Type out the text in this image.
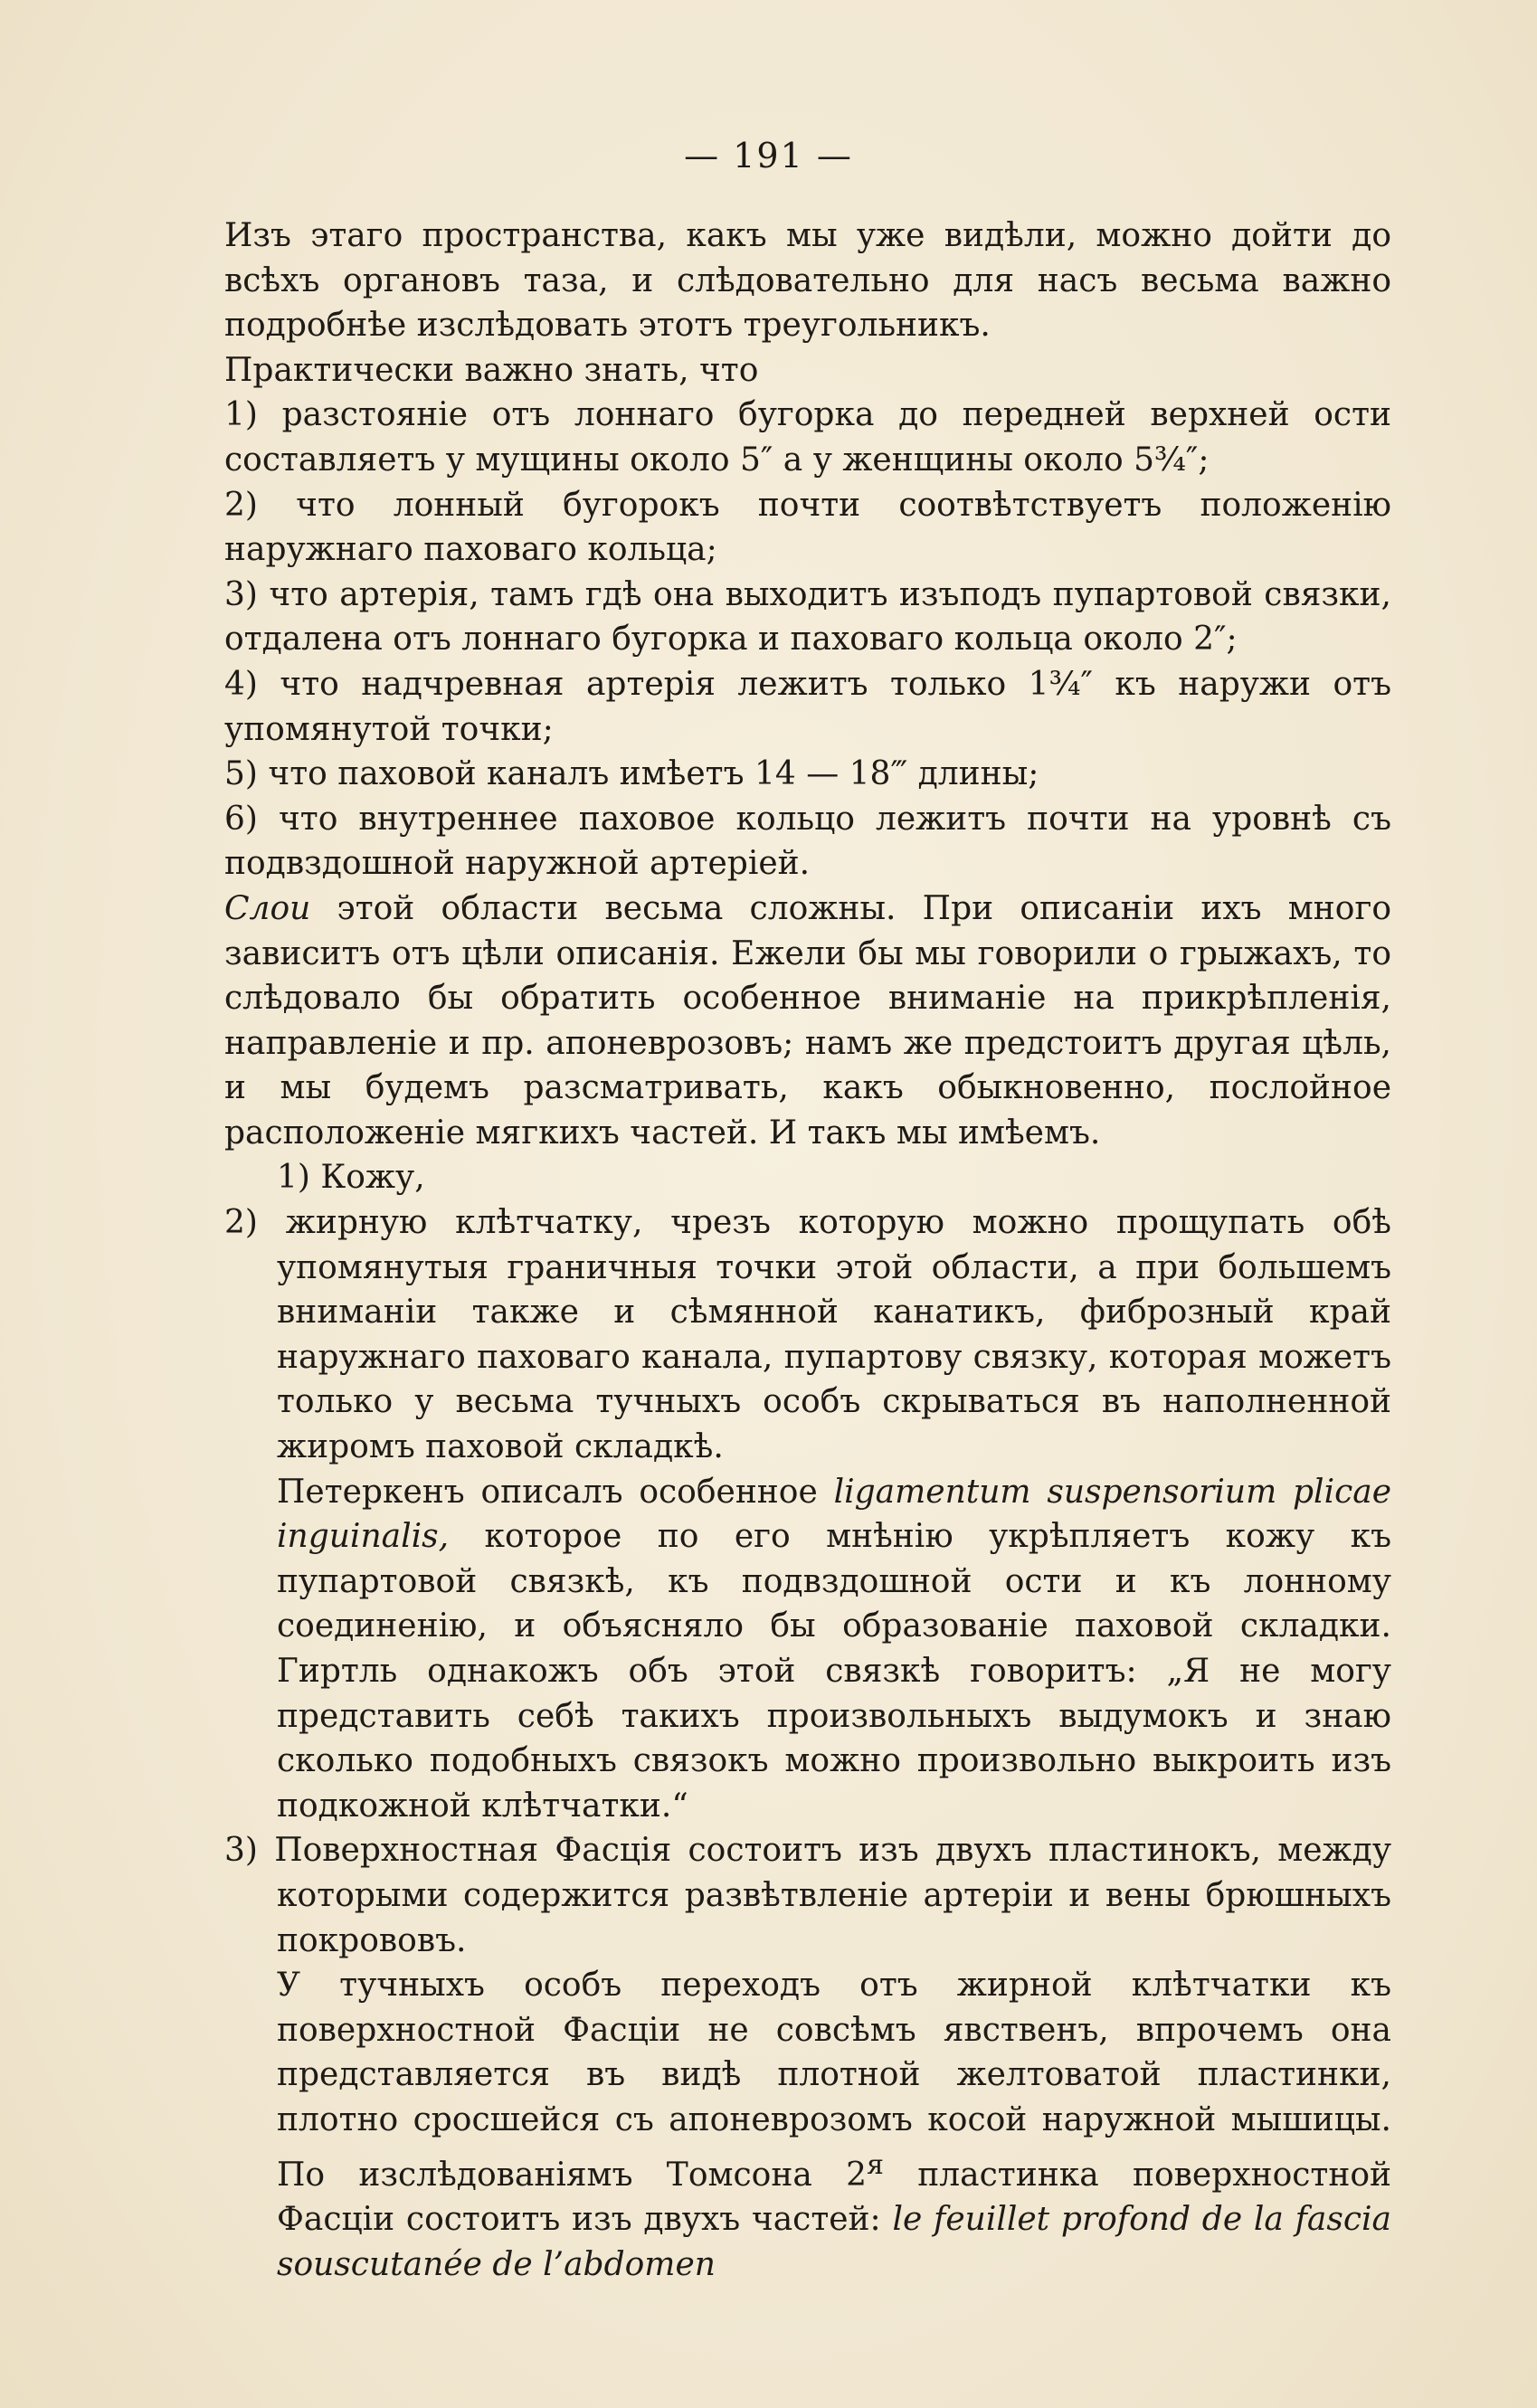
— 191 —

Изъ этаго пространства, какъ мы уже видѣли, можно дойти до всѣхъ органовъ таза, и слѣдовательно для насъ весьма важно подробнѣе изслѣдовать этотъ треугольникъ.

Практически важно знать, что

1) разстояніе отъ лоннаго бугорка до передней верхней ости составляетъ у мущины около 5″ а у женщины около 5¾″;

2) что лонный бугорокъ почти соотвѣтствуетъ положенію наружнаго паховаго кольца;

3) что артерія, тамъ гдѣ она выходитъ изъподъ пупартовой связки, отдалена отъ лоннаго бугорка и паховаго кольца около 2″;

4) что надчревная артерія лежитъ только 1¾″ къ наружи отъ упомянутой точки;

5) что паховой каналъ имѣетъ 14 — 18‴ длины;

6) что внутреннее паховое кольцо лежитъ почти на уровнѣ съ подвздошной наружной артеріей.

Слои этой области весьма сложны. При описаніи ихъ много зависитъ отъ цѣли описанія. Ежели бы мы говорили о грыжахъ, то слѣдовало бы обратить особенное вниманіе на прикрѣпленія, направленіе и пр. апоневрозовъ; намъ же предстоитъ другая цѣль, и мы будемъ разсматривать, какъ обыкновенно, послойное расположеніе мягкихъ частей. И такъ мы имѣемъ.

1) Кожу,

2) жирную клѣтчатку, чрезъ которую можно прощупать обѣ упомянутыя граничныя точки этой области, а при большемъ вниманіи также и сѣмянной канатикъ, фиброзный край наружнаго паховаго канала, пупартову связку, которая можетъ только у весьма тучныхъ особъ скрываться въ наполненной жиромъ паховой складкѣ.

Петеркенъ описалъ особенное ligamentum suspensorium plicae inguinalis, которое по его мнѣнію укрѣпляетъ кожу къ пупартовой связкѣ, къ подвздошной ости и къ лонному соединенію, и объясняло бы образованіе паховой складки. Гиртль однакожъ объ этой связкѣ говоритъ: „Я не могу представить себѣ такихъ произвольныхъ выдумокъ и знаю сколько подобныхъ связокъ можно произвольно выкроить изъ подкожной клѣтчатки.“

3) Поверхностная Фасція состоитъ изъ двухъ пластинокъ, между которыми содержится развѣтвленіе артеріи и вены брюшныхъ покрововъ.

У тучныхъ особъ переходъ отъ жирной клѣтчатки къ поверхностной Фасціи не совсѣмъ явственъ, впрочемъ она представляется въ видѣ плотной желтоватой пластинки, плотно сросшейся съ апоневрозомъ косой наружной мышицы. По изслѣдованіямъ Томсона $2^я$ пластинка поверхностной Фасціи состоитъ изъ двухъ частей: le feuillet profond de la fascia souscutanée de l’abdomen
